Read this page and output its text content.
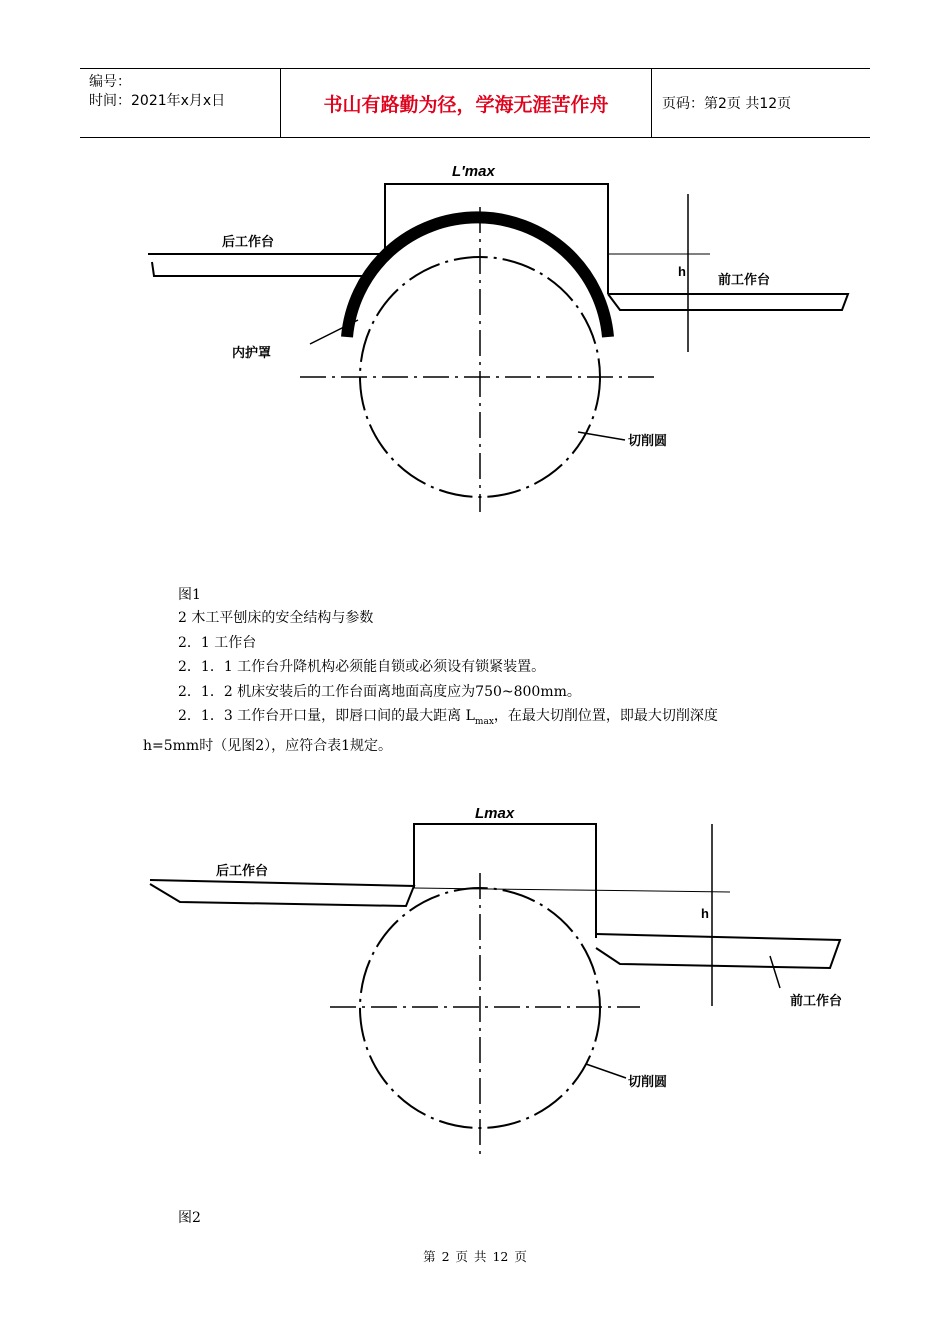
编号：
时间：2021年x月x日	书山有路勤为径，学海无涯苦作舟	页码：第2页 共12页
L′max
后工作台
前工作台
h
内护罩
切削圆
图1

2 木工平刨床的安全结构与参数

2．1 工作台

2．1．1 工作台升降机构必须能自锁或必须设有锁紧装置。

2．1．2 机床安装后的工作台面离地面高度应为750~800mm。

2．1．3 工作台开口量，即唇口间的最大距离 $L_{max}$，在最大切削位置，即最大切削深度

h=5mm时（见图2），应符合表1规定。

Lmax
后工作台
前工作台
h
切削圆
图2
第 2 页 共 12 页
